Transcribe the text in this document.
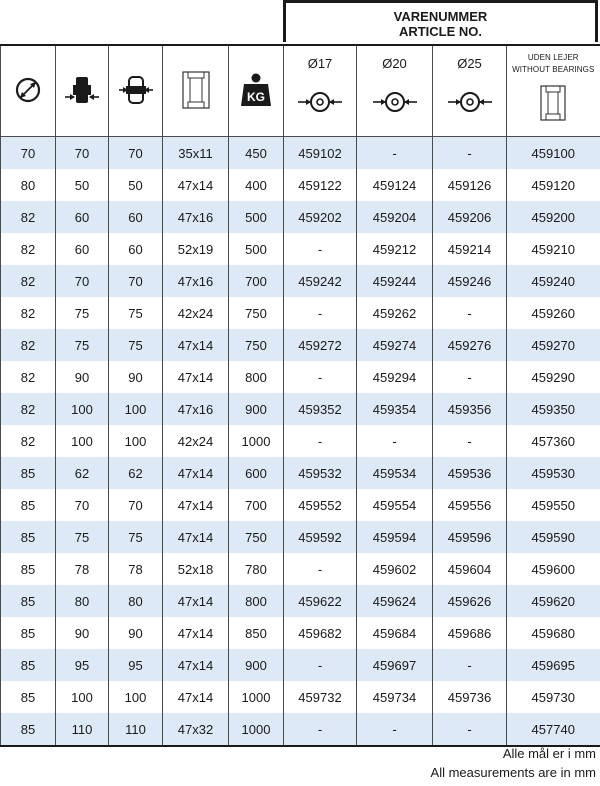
VARENUMMER
ARTICLE NO.

KG	Ø17	Ø20	Ø25	UDEN LEJER
WITHOUT BEARINGS

70	70	70	35x11	450	459102	-	-	459100
80	50	50	47x14	400	459122	459124	459126	459120
82	60	60	47x16	500	459202	459204	459206	459200
82	60	60	52x19	500	-	459212	459214	459210
82	70	70	47x16	700	459242	459244	459246	459240
82	75	75	42x24	750	-	459262	-	459260
82	75	75	47x14	750	459272	459274	459276	459270
82	90	90	47x14	800	-	459294	-	459290
82	100	100	47x16	900	459352	459354	459356	459350
82	100	100	42x24	1000	-	-	-	457360
85	62	62	47x14	600	459532	459534	459536	459530
85	70	70	47x14	700	459552	459554	459556	459550
85	75	75	47x14	750	459592	459594	459596	459590
85	78	78	52x18	780	-	459602	459604	459600
85	80	80	47x14	800	459622	459624	459626	459620
85	90	90	47x14	850	459682	459684	459686	459680
85	95	95	47x14	900	-	459697	-	459695
85	100	100	47x14	1000	459732	459734	459736	459730
85	110	110	47x32	1000	-	-	-	457740
Alle mål er i mm
All measurements are in mm
